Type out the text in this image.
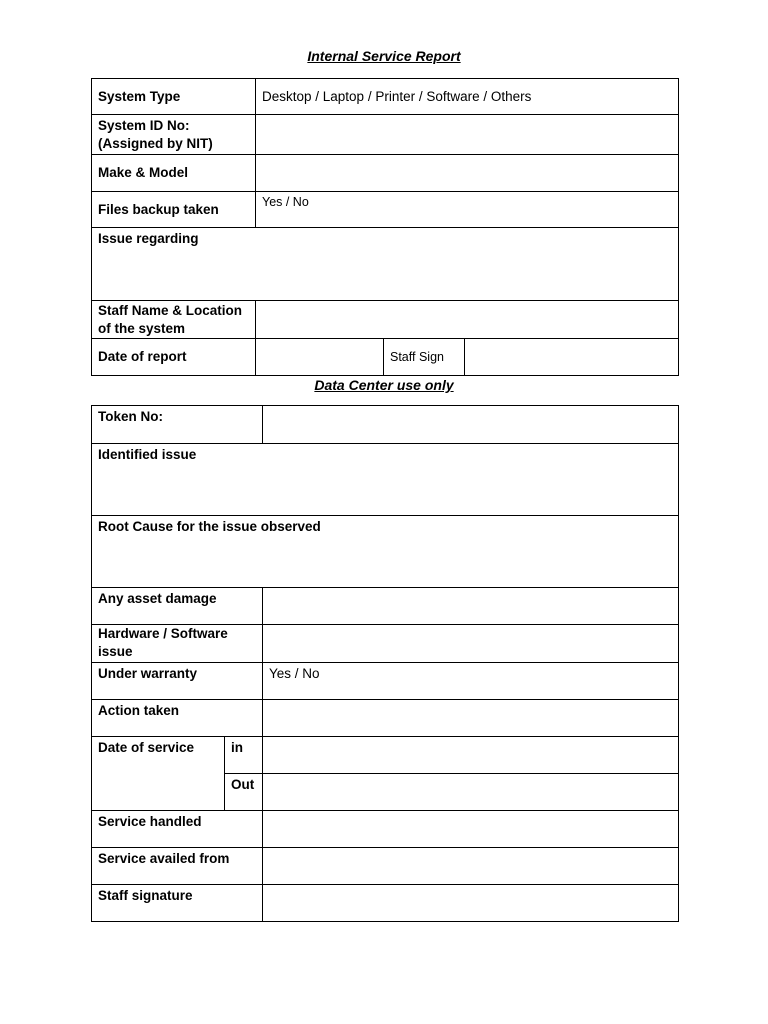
Internal Service Report
System Type	Desktop / Laptop / Printer / Software / Others		

System ID No:
(Assigned by NIT)			

Make & Model			
Files backup taken	Yes / No		
Issue regarding			

Staff Name & Location
of the system			

Date of report		Staff Sign	
Data Center use only
Token No:		
Identified issue		
Root Cause for the issue observed		
Any asset damage		

Hardware / Software
issue		

Under warranty		Yes / No
Action taken		
Date of service	in	
	Out	
Service handled		
Service availed from		
Staff signature		
